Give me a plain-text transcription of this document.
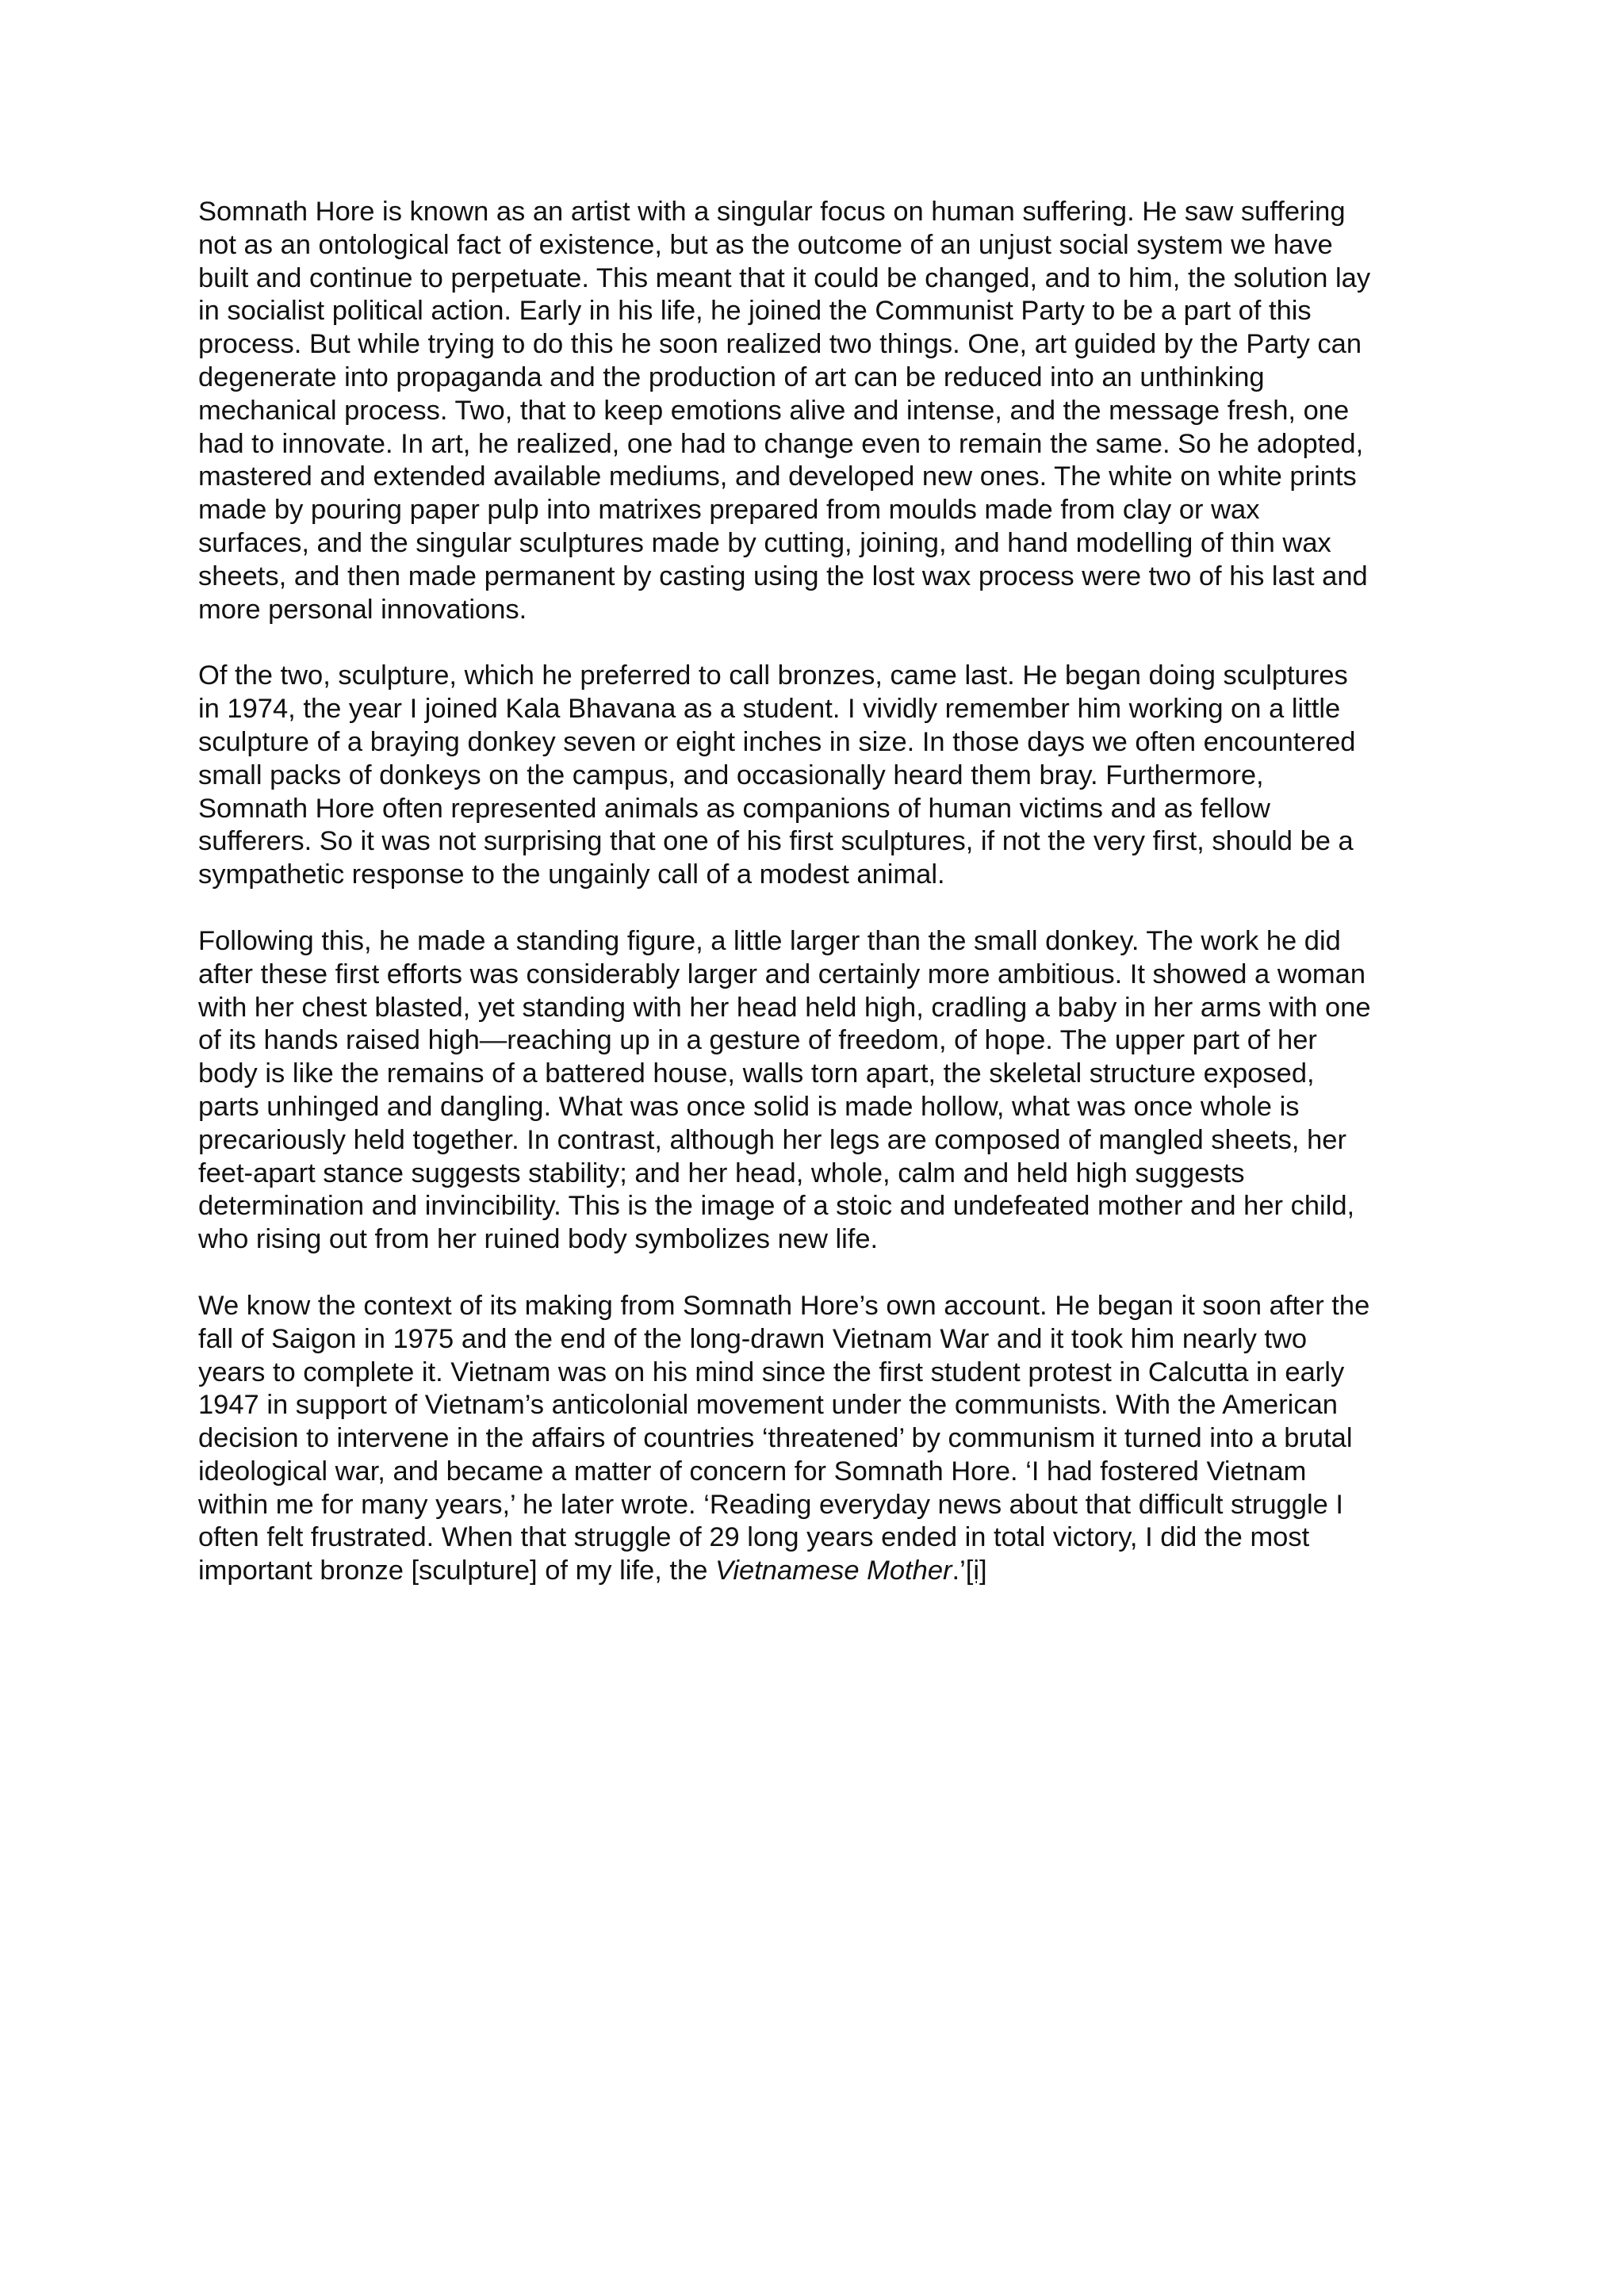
Somnath Hore is known as an artist with a singular focus on human suffering. He saw suffering
not as an ontological fact of existence, but as the outcome of an unjust social system we have
built and continue to perpetuate. This meant that it could be changed, and to him, the solution lay
in socialist political action. Early in his life, he joined the Communist Party to be a part of this
process. But while trying to do this he soon realized two things. One, art guided by the Party can
degenerate into propaganda and the production of art can be reduced into an unthinking
mechanical process. Two, that to keep emotions alive and intense, and the message fresh, one
had to innovate. In art, he realized, one had to change even to remain the same. So he adopted,
mastered and extended available mediums, and developed new ones. The white on white prints
made by pouring paper pulp into matrixes prepared from moulds made from clay or wax
surfaces, and the singular sculptures made by cutting, joining, and hand modelling of thin wax
sheets, and then made permanent by casting using the lost wax process were two of his last and
more personal innovations.

Of the two, sculpture, which he preferred to call bronzes, came last. He began doing sculptures
in 1974, the year I joined Kala Bhavana as a student. I vividly remember him working on a little
sculpture of a braying donkey seven or eight inches in size. In those days we often encountered
small packs of donkeys on the campus, and occasionally heard them bray. Furthermore,
Somnath Hore often represented animals as companions of human victims and as fellow
sufferers. So it was not surprising that one of his first sculptures, if not the very first, should be a
sympathetic response to the ungainly call of a modest animal.

Following this, he made a standing figure, a little larger than the small donkey. The work he did
after these first efforts was considerably larger and certainly more ambitious. It showed a woman
with her chest blasted, yet standing with her head held high, cradling a baby in her arms with one
of its hands raised high—reaching up in a gesture of freedom, of hope. The upper part of her
body is like the remains of a battered house, walls torn apart, the skeletal structure exposed,
parts unhinged and dangling. What was once solid is made hollow, what was once whole is
precariously held together. In contrast, although her legs are composed of mangled sheets, her
feet-apart stance suggests stability; and her head, whole, calm and held high suggests
determination and invincibility. This is the image of a stoic and undefeated mother and her child,
who rising out from her ruined body symbolizes new life.

We know the context of its making from Somnath Hore’s own account. He began it soon after the
fall of Saigon in 1975 and the end of the long-drawn Vietnam War and it took him nearly two
years to complete it. Vietnam was on his mind since the first student protest in Calcutta in early
1947 in support of Vietnam’s anticolonial movement under the communists. With the American
decision to intervene in the affairs of countries ‘threatened’ by communism it turned into a brutal
ideological war, and became a matter of concern for Somnath Hore. ‘I had fostered Vietnam
within me for many years,’ he later wrote. ‘Reading everyday news about that difficult struggle I
often felt frustrated. When that struggle of 29 long years ended in total victory, I did the most
important bronze [sculpture] of my life, the Vietnamese Mother.’[i]
